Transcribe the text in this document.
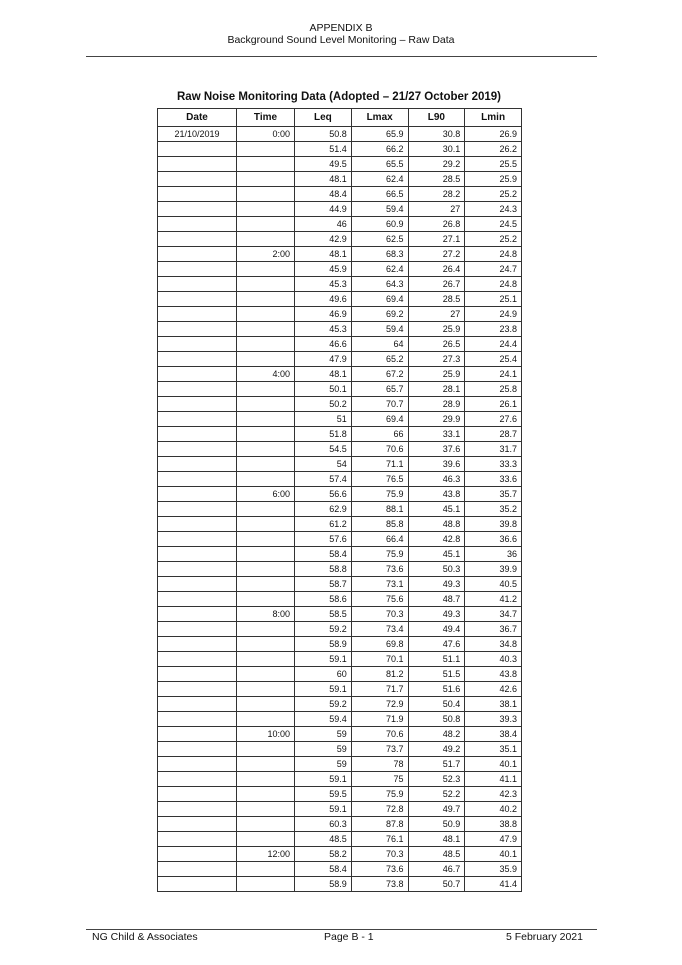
APPENDIX B
Background Sound Level Monitoring – Raw Data
Raw Noise Monitoring Data (Adopted – 21/27 October 2019)
Date	Time	Leq	Lmax	L90	Lmin
21/10/2019	0:00	50.8	65.9	30.8	26.9
		51.4	66.2	30.1	26.2
		49.5	65.5	29.2	25.5
		48.1	62.4	28.5	25.9
		48.4	66.5	28.2	25.2
		44.9	59.4	27	24.3
		46	60.9	26.8	24.5
		42.9	62.5	27.1	25.2
	2:00	48.1	68.3	27.2	24.8
		45.9	62.4	26.4	24.7
		45.3	64.3	26.7	24.8
		49.6	69.4	28.5	25.1
		46.9	69.2	27	24.9
		45.3	59.4	25.9	23.8
		46.6	64	26.5	24.4
		47.9	65.2	27.3	25.4
	4:00	48.1	67.2	25.9	24.1
		50.1	65.7	28.1	25.8
		50.2	70.7	28.9	26.1
		51	69.4	29.9	27.6
		51.8	66	33.1	28.7
		54.5	70.6	37.6	31.7
		54	71.1	39.6	33.3
		57.4	76.5	46.3	33.6
	6:00	56.6	75.9	43.8	35.7
		62.9	88.1	45.1	35.2
		61.2	85.8	48.8	39.8
		57.6	66.4	42.8	36.6
		58.4	75.9	45.1	36
		58.8	73.6	50.3	39.9
		58.7	73.1	49.3	40.5
		58.6	75.6	48.7	41.2
	8:00	58.5	70.3	49.3	34.7
		59.2	73.4	49.4	36.7
		58.9	69.8	47.6	34.8
		59.1	70.1	51.1	40.3
		60	81.2	51.5	43.8
		59.1	71.7	51.6	42.6
		59.2	72.9	50.4	38.1
		59.4	71.9	50.8	39.3
	10:00	59	70.6	48.2	38.4
		59	73.7	49.2	35.1
		59	78	51.7	40.1
		59.1	75	52.3	41.1
		59.5	75.9	52.2	42.3
		59.1	72.8	49.7	40.2
		60.3	87.8	50.9	38.8
		48.5	76.1	48.1	47.9
	12:00	58.2	70.3	48.5	40.1
		58.4	73.6	46.7	35.9
		58.9	73.8	50.7	41.4
NG Child & Associates	Page B - 1	5 February 2021
